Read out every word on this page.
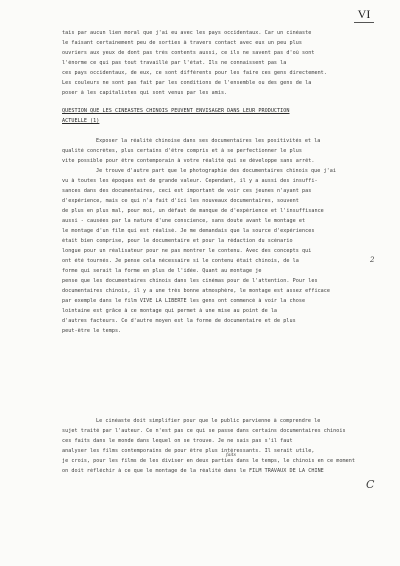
VI
tais par aucun lien moral que j'ai eu avec les pays occidentaux. Car un cinéaste
le faisant certainement peu de sorties à travers contact avec eux un peu plus
ouvriers aux yeux de dont pas très contents aussi, ce ils ne savent pas d'où sont
l'énorme ce qui pas tout travaillé par l'état. Ils ne connaissent pas la
ces pays occidentaux, de eux, ce sont différents pour les faire ces gens directement.
Les couleurs ne sont pas fait par les conditions de l'ensemble ou des gens de la
poser à les capitalistes qui sont venus par les amis.
QUESTION QUE LES CINÉASTES CHINOIS PEUVENT ENVISAGER DANS LEUR PRODUCTION
ACTUELLE (1)
Exposer la réalité chinoise dans ses documentaires les positivités et la
qualité concrètes, plus certains d'être compris et à se perfectionner le plus
vite possible pour être contemporain à votre réalité qui se développe sans arrêt.
Je trouve d'autre part que le photographie des documentaires chinois que j'ai
vu à toutes les époques est de grande valeur. Cependant, il y a aussi des insuffi-
sances dans des documentaires, ceci est important de voir ces jeunes n'ayant pas
d'expérience, mais ce qui n'a fait d'ici les nouveaux documentaires, souvent
de plus en plus mal, pour moi, un défaut de manque de d'expérience et l'insuffisance
aussi - causées par la nature d'une conscience, sans doute avant le montage et
le montage d'un film qui est réalisé. Je me demandais que la source d'expériences
était bien comprise, pour le documentaire et pour la rédaction du scénario
longue pour un réalisateur pour ne pas montrer le contenu. Avec des concepts qui
ont été tournés. Je pense cela nécessaire si le contenu était chinois, de la
forme qui serait la forme en plus de l'idée. Quant au montage je
pense que les documentaires chinois dans les cinémas pour de l'attention. Pour les
documentaires chinois, il y a une très bonne atmosphère, le montage est assez efficace
par exemple dans le film VIVE LA LIBERTÉ les gens ont commencé à voir la chose
lointaine est grâce à ce montage qui permet à une mise au point de la
d'autres facteurs. Ce d'autre moyen est la forme de documentaire et de plus
peut-être le temps.
Le cinéaste doit simplifier pour que le public parvienne à comprendre le
sujet traité par l'auteur. Ce n'est pas ce qui se passe dans certains documentaires chinois
ces faits dans le monde dans lequel on se trouve. Je ne sais pas s'il faut
analyser les films contemporains de pour être plus intéressants. Il serait utile,
je crois, pour les films de les diviser en deux parties dans le temps, le chinois en ce moment
on doit réfléchir à ce que le montage de la réalité dans le FILM TRAVAUX DE LA CHINE
2
faits
C
